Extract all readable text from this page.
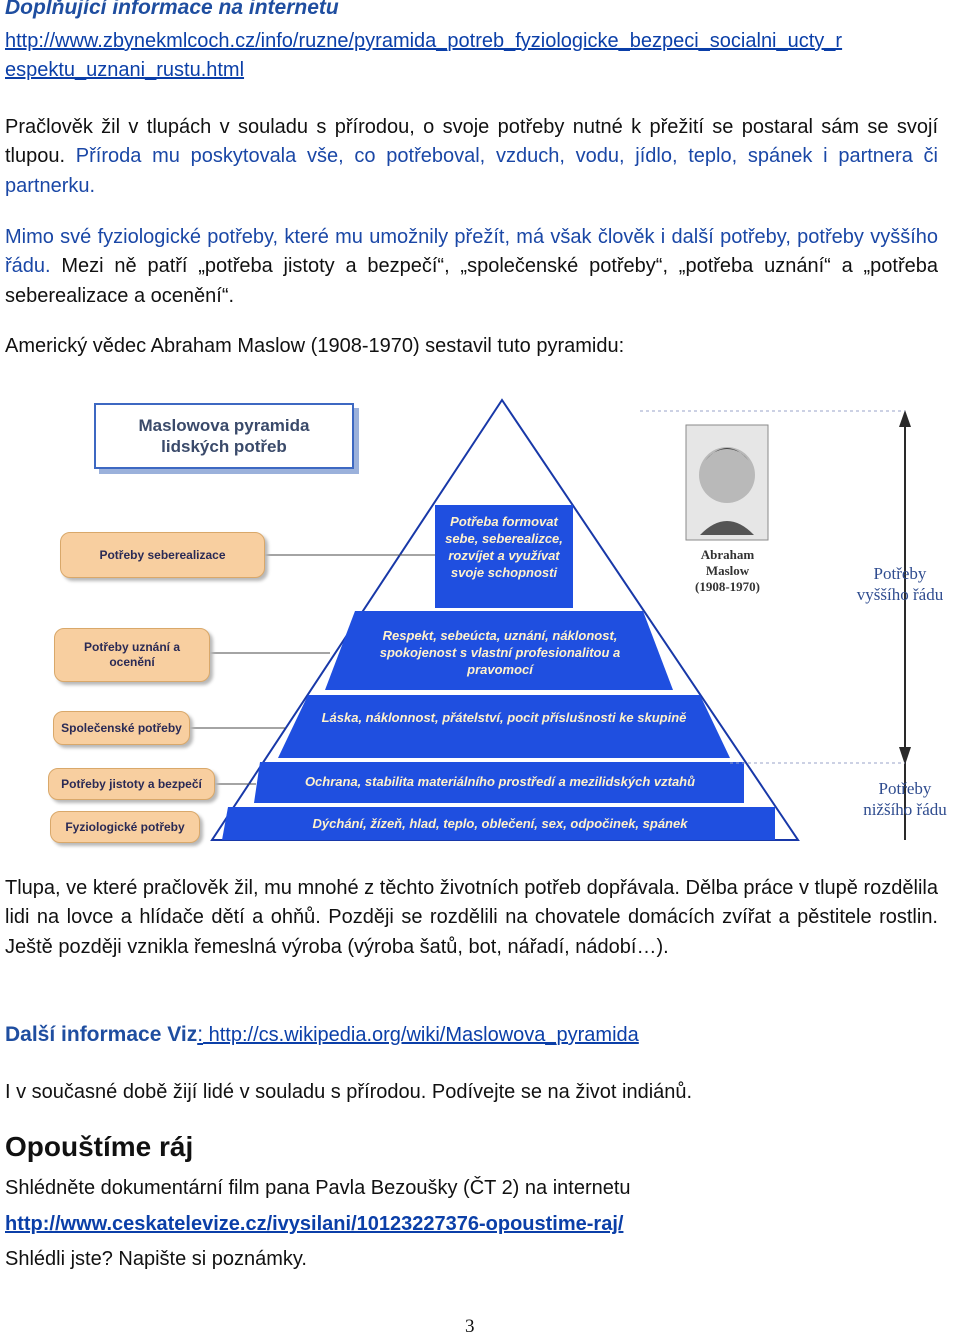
Doplňující informace na internetu
http://www.zbynekmlcoch.cz/info/ruzne/pyramida_potreb_fyziologicke_bezpeci_socialni_ucty_r
espektu_uznani_rustu.html
Pračlověk žil v tlupách v souladu s přírodou, o svoje potřeby nutné k přežití se postaral sám se svojí tlupou. Příroda mu poskytovala vše, co potřeboval, vzduch, vodu, jídlo, teplo, spánek i partnera či partnerku.
Mimo své fyziologické potřeby, které mu umožnily přežít, má však člověk i další potřeby, potřeby vyššího řádu. Mezi ně patří „potřeba jistoty a bezpečí“, „společenské potřeby“, „potřeba uznání“ a „potřeba seberealizace a ocenění“.
Americký vědec Abraham Maslow (1908-1970) sestavil tuto pyramidu:
Maslowova pyramida
lidských potřeb
Potřeby seberealizace
Potřeby uznání a ocenění
Společenské potřeby
Potřeby jistoty a bezpečí
Fyziologické potřeby
Potřeba formovat sebe, seberealizce, rozvíjet a využívat svoje schopnosti
Respekt, sebeúcta, uznání, náklonost, spokojenost s vlastní profesionalitou a pravomocí
Láska, náklonnost, přátelství, pocit příslušnosti ke skupině
Ochrana, stabilita materiálního prostředí a mezilidských vztahů
Dýchání, žízeň, hlad, teplo, oblečení, sex, odpočinek, spánek
Abraham
Maslow
(1908-1970)
Potřeby
vyššího řádu
Potřeby
nižšího řádu
Tlupa, ve které pračlověk žil, mu mnohé z těchto životních potřeb dopřávala. Dělba práce v tlupě rozdělila lidi na lovce a hlídače dětí a ohňů. Později se rozdělili na chovatele domácích zvířat a pěstitele rostlin. Ještě později vznikla řemeslná výroba (výroba šatů, bot, nářadí, nádobí…).
Další informace Viz: http://cs.wikipedia.org/wiki/Maslowova_pyramida
I v současné době žijí lidé v souladu s přírodou. Podívejte se na život indiánů.
Opouštíme ráj
Shlédněte dokumentární film pana Pavla Bezoušky (ČT 2) na internetu
http://www.ceskatelevize.cz/ivysilani/10123227376-opoustime-raj/
Shlédli jste? Napište si poznámky.
3
